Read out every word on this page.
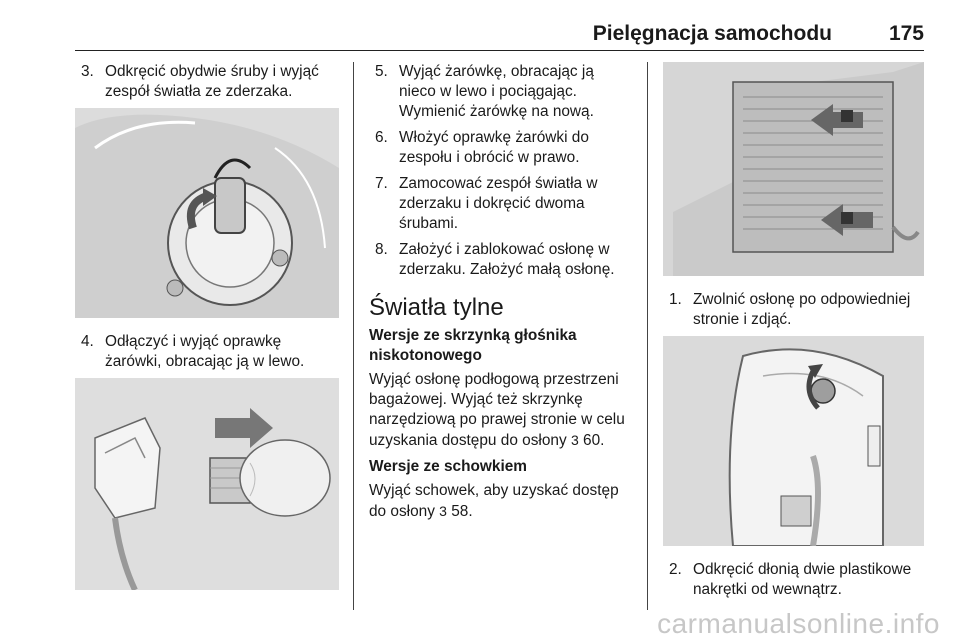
Pielęgnacja samochodu	175
3. Odkręcić obydwie śruby i wyjąć zespół światła ze zderzaka.
4. Odłączyć i wyjąć oprawkę żarówki, obracając ją w lewo.
5. Wyjąć żarówkę, obracając ją nieco w lewo i pociągając. Wymienić żarówkę na nową.
6. Włożyć oprawkę żarówki do zespołu i obrócić w prawo.
7. Zamocować zespół światła w zderzaku i dokręcić dwoma śrubami.
8. Założyć i zablokować osłonę w zderzaku. Założyć małą osłonę.
Światła tylne
Wersje ze skrzynką głośnika niskotonowego
Wyjąć osłonę podłogową przestrzeni bagażowej. Wyjąć też skrzynkę narzędziową po prawej stronie w celu uzyskania dostępu do osłony 3 60.
Wersje ze schowkiem
Wyjąć schowek, aby uzyskać dostęp do osłony 3 58.
1. Zwolnić osłonę po odpowiedniej stronie i zdjąć.
2. Odkręcić dłonią dwie plastikowe nakrętki od wewnątrz.
carmanualsonline.info
